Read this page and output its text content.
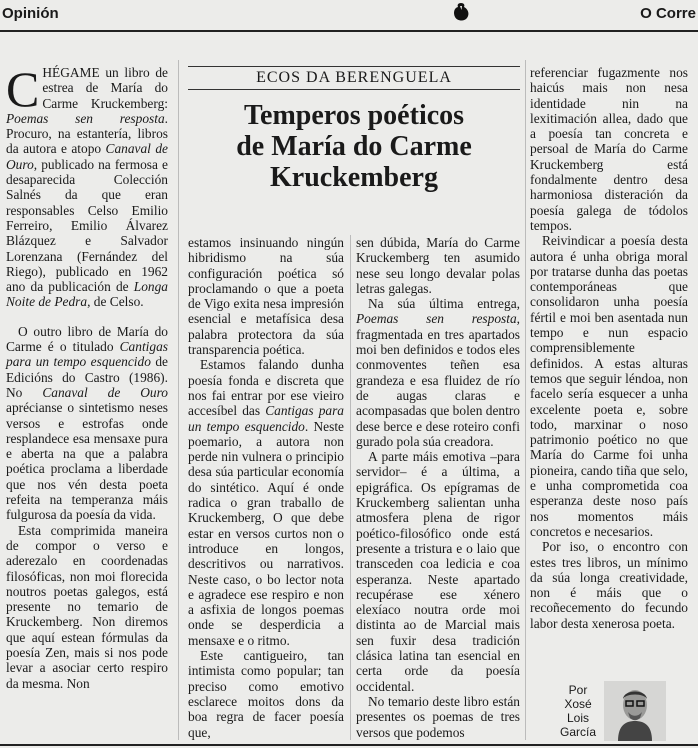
Opinión	O Corre
ECOS DA BERENGUELA
Temperos poéticos
de María do Carme
Kruckemberg

CHÉGAME un libro de estrea de María do Carme Kruckemberg: Poemas sen resposta. Procuro, na estantería, libros da autora e atopo Canaval de Ouro, publicado na fermosa e desaparecida Colección Salnés da que eran responsables Celso Emilio Ferreiro, Emilio Álvarez Blázquez e Salvador Lorenzana (Fernández del Riego), publicado en 1962 ano da publicación de Longa Noite de Pedra, de Celso.

O outro libro de María do Carme é o titulado Cantigas para un tempo esquencido de Edicións do Castro (1986). No Canaval de Ouro aprécianse o sintetismo neses versos e estrofas onde resplandece esa mensaxe pura e aberta na que a palabra poética proclama a liberdade que nos vén desta poeta refeita na temperanza máis fulgurosa da poesía da vida.

Esta comprimida maneira de compor o verso e aderezalo en coordenadas filosóficas, non moi florecida noutros poetas galegos, está presente no temario de Kruckemberg. Non diremos que aquí estean fórmulas da poesía Zen, mais si nos pode levar a asociar certo respiro da mesma. Non

estamos insinuando ningún hibridismo na súa configuración poética só proclamando o que a poeta de Vigo exita nesa impresión esencial e metafísica desa palabra protectora da súa transparencia poética.

Estamos falando dunha poesía fonda e discreta que nos fai entrar por ese vieiro accesíbel das Cantigas para un tempo esquencido. Neste poemario, a autora non perde nin vulnera o principio desa súa particular economía do sintético. Aquí é onde radica o gran traballo de Kruckemberg, O que debe estar en versos curtos non o introduce en longos, descritivos ou narrativos. Neste caso, o bo lector nota e agradece ese respiro e non a asfixia de longos poemas onde se desperdicia a mensaxe e o ritmo.

Este cantigueiro, tan intimista como popular; tan preciso como emotivo esclarece moitos dons da boa regra de facer poesía que,

sen dúbida, María do Carme Kruckemberg ten asumido nese seu longo devalar polas letras galegas.

Na súa última entrega, Poemas sen resposta, fragmentada en tres apartados moi ben definidos e todos eles conmoventes teñen esa grandeza e esa fluidez de río de augas claras e acompasadas que bolen dentro dese berce e dese roteiro confi gurado pola súa creadora.

A parte máis emotiva –para servidor– é a última, a epigráfica. Os epígramas de Kruckemberg salientan unha atmosfera plena de rigor poético-filosófico onde está presente a tristura e o laio que transceden coa ledicia e coa esperanza. Neste apartado recupérase ese xénero elexíaco noutra orde moi distinta ao de Marcial mais sen fuxir desa tradición clásica latina tan esencial en certa orde da poesía occidental.

No temario deste libro están presentes os poemas de tres versos que podemos

referenciar fugazmente nos haicús mais non nesa identidade nin na lexitimación allea, dado que a poesía tan concreta e persoal de María do Carme Kruckemberg está fondalmente dentro desa harmoniosa disteración da poesía galega de tódolos tempos.

Reivindicar a poesía desta autora é unha obriga moral por tratarse dunha das poetas contemporáneas que consolidaron unha poesía fértil e moi ben asentada nun tempo e nun espacio comprensiblemente definidos. A estas alturas temos que seguir léndoa, non facelo sería esquecer a unha excelente poeta e, sobre todo, marxinar o noso patrimonio poético no que María do Carme foi unha pioneira, cando tiña que selo, e unha comprometida coa esperanza deste noso país nos momentos máis concretos e necesarios.

Por iso, o encontro con estes tres libros, un mínimo da súa longa creatividade, non é máis que o recoñecemento do fecundo labor desta xenerosa poeta.

Por
Xosé
Lois
García
